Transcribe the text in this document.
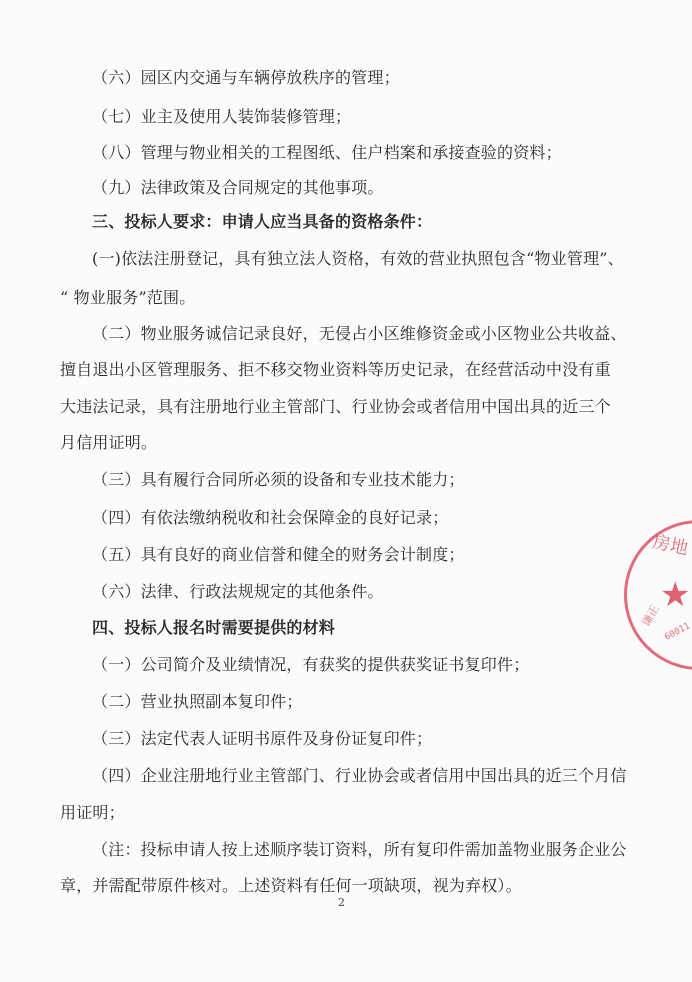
（六）园区内交通与车辆停放秩序的管理；
（七）业主及使用人装饰装修管理；
（八）管理与物业相关的工程图纸、住户档案和承接查验的资料；
（九）法律政策及合同规定的其他事项。
三、投标人要求：申请人应当具备的资格条件：
(一)依法注册登记，具有独立法人资格，有效的营业执照包含“物业管理”、
“ 物业服务”范围。
（二）物业服务诚信记录良好，无侵占小区维修资金或小区物业公共收益、
擅自退出小区管理服务、拒不移交物业资料等历史记录，在经营活动中没有重
大违法记录，具有注册地行业主管部门、行业协会或者信用中国出具的近三个
月信用证明。
（三）具有履行合同所必须的设备和专业技术能力；
（四）有依法缴纳税收和社会保障金的良好记录；
（五）具有良好的商业信誉和健全的财务会计制度；
（六）法律、行政法规规定的其他条件。
四、投标人报名时需要提供的材料
（一）公司简介及业绩情况，有获奖的提供获奖证书复印件；
（二）营业执照副本复印件；
（三）法定代表人证明书原件及身份证复印件；
（四）企业注册地行业主管部门、行业协会或者信用中国出具的近三个月信
用证明；
（注：投标申请人按上述顺序装订资料，所有复印件需加盖物业服务企业公
章，并需配带原件核对。上述资料有任何一项缺项，视为弃权）。
2
房地
★
谦正
60011
